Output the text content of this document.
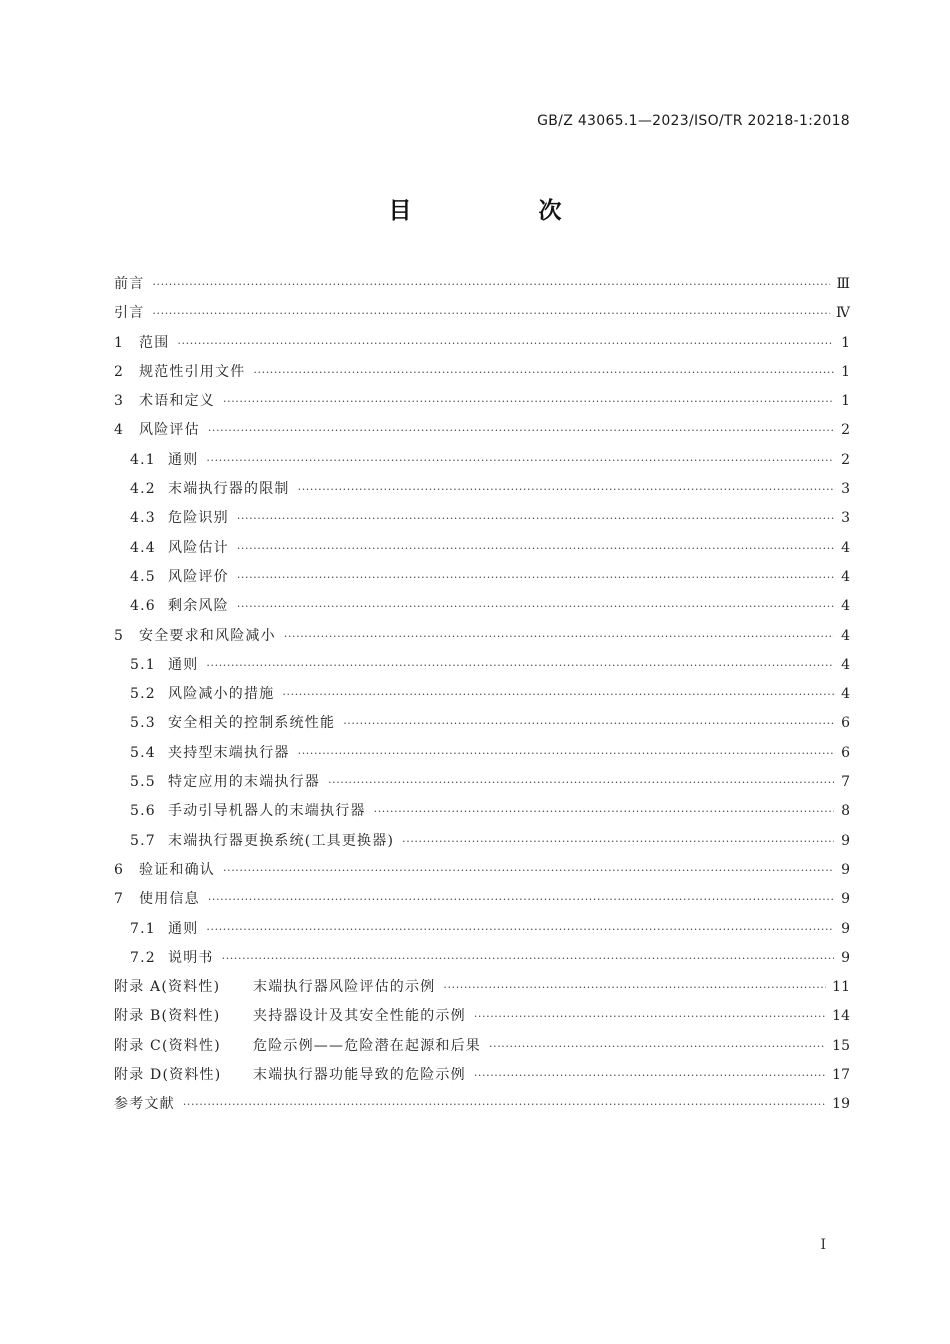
GB/Z 43065.1—2023/ISO/TR 20218-1:2018
目　次
前言 ·····	Ⅲ
引言 ·····	Ⅳ
1	范围 ·····	1
2	规范性引用文件 ·····	1
3	术语和定义 ·····	1
4	风险评估 ·····	2
4.1 通则 ·····	2
4.2 末端执行器的限制 ·····	3
4.3 危险识别 ·····	3
4.4 风险估计 ·····	4
4.5 风险评价 ·····	4
4.6 剩余风险 ·····	4
5	安全要求和风险减小 ·····	4
5.1 通则 ·····	4
5.2 风险减小的措施 ·····	4
5.3 安全相关的控制系统性能 ·····	6
5.4 夹持型末端执行器 ·····	6
5.5 特定应用的末端执行器 ·····	7
5.6 手动引导机器人的末端执行器 ·····	8
5.7 末端执行器更换系统(工具更换器) ·····	9
6	验证和确认 ·····	9
7	使用信息 ·····	9
7.1 通则 ·····	9
7.2 说明书 ·····	9
附录 A(资料性)	末端执行器风险评估的示例 ·····	11
附录 B(资料性)	夹持器设计及其安全性能的示例 ·····	14
附录 C(资料性)	危险示例——危险潜在起源和后果 ·····	15
附录 D(资料性)	末端执行器功能导致的危险示例 ·····	17
参考文献 ·····	19
I
